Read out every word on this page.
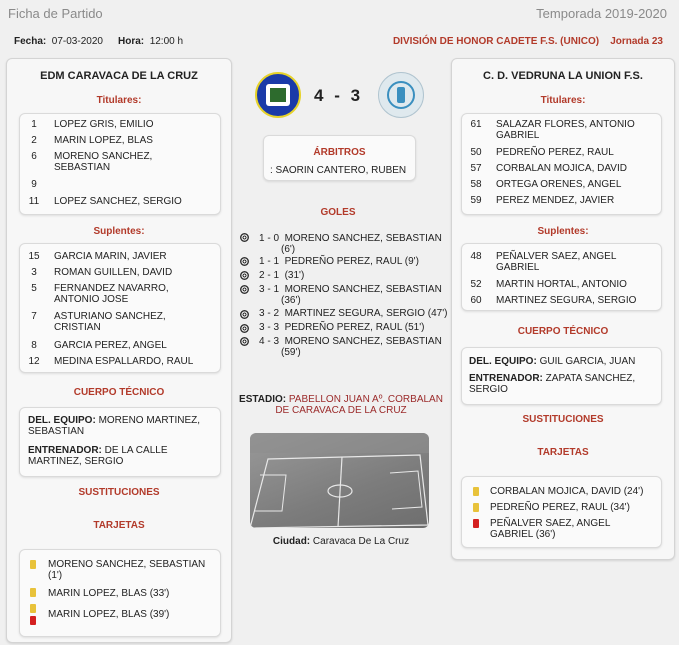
Ficha de Partido	Temporada 2019-2020
Fecha: 07-03-2020 Hora: 12:00 h	DIVISIÓN DE HONOR CADETE F.S. (UNICO) Jornada 23
EDM CARAVACA DE LA CRUZ
Titulares:
1	LOPEZ GRIS, EMILIO
2	MARIN LOPEZ, BLAS
6	MORENO SANCHEZ, SEBASTIAN
9
11	LOPEZ SANCHEZ, SERGIO
Suplentes:
15	GARCIA MARIN, JAVIER
3	ROMAN GUILLEN, DAVID
5	FERNANDEZ NAVARRO, ANTONIO JOSE
7	ASTURIANO SANCHEZ, CRISTIAN
8	GARCIA PEREZ, ANGEL
12	MEDINA ESPALLARDO, RAUL
CUERPO TÉCNICO
DEL. EQUIPO: MORENO MARTINEZ, SEBASTIAN
ENTRENADOR: DE LA CALLE MARTINEZ, SERGIO
SUSTITUCIONES
TARJETAS
MORENO SANCHEZ, SEBASTIAN (1')
MARIN LOPEZ, BLAS (33')
MARIN LOPEZ, BLAS (39')
4 - 3
ÁRBITROS
: SAORIN CANTERO, RUBEN
GOLES
1 - 0 MORENO SANCHEZ, SEBASTIAN
(6')
1 - 1 PEDREÑO PEREZ, RAUL (9')
2 - 1 (31')
3 - 1 MORENO SANCHEZ, SEBASTIAN
(36')
3 - 2 MARTINEZ SEGURA, SERGIO (47')
3 - 3 PEDREÑO PEREZ, RAUL (51')
4 - 3 MORENO SANCHEZ, SEBASTIAN
(59')
ESTADIO: PABELLON JUAN Aº. CORBALAN DE CARAVACA DE LA CRUZ
Ciudad: Caravaca De La Cruz
C. D. VEDRUNA LA UNION F.S.
Titulares:
61	SALAZAR FLORES, ANTONIO GABRIEL
50	PEDREÑO PEREZ, RAUL
57	CORBALAN MOJICA, DAVID
58	ORTEGA ORENES, ANGEL
59	PEREZ MENDEZ, JAVIER
Suplentes:
48	PEÑALVER SAEZ, ANGEL GABRIEL
52	MARTIN HORTAL, ANTONIO
60	MARTINEZ SEGURA, SERGIO
CUERPO TÉCNICO
DEL. EQUIPO: GUIL GARCIA, JUAN
ENTRENADOR: ZAPATA SANCHEZ, SERGIO
SUSTITUCIONES
TARJETAS
CORBALAN MOJICA, DAVID (24')
PEDREÑO PEREZ, RAUL (34')
PEÑALVER SAEZ, ANGEL GABRIEL (36')
